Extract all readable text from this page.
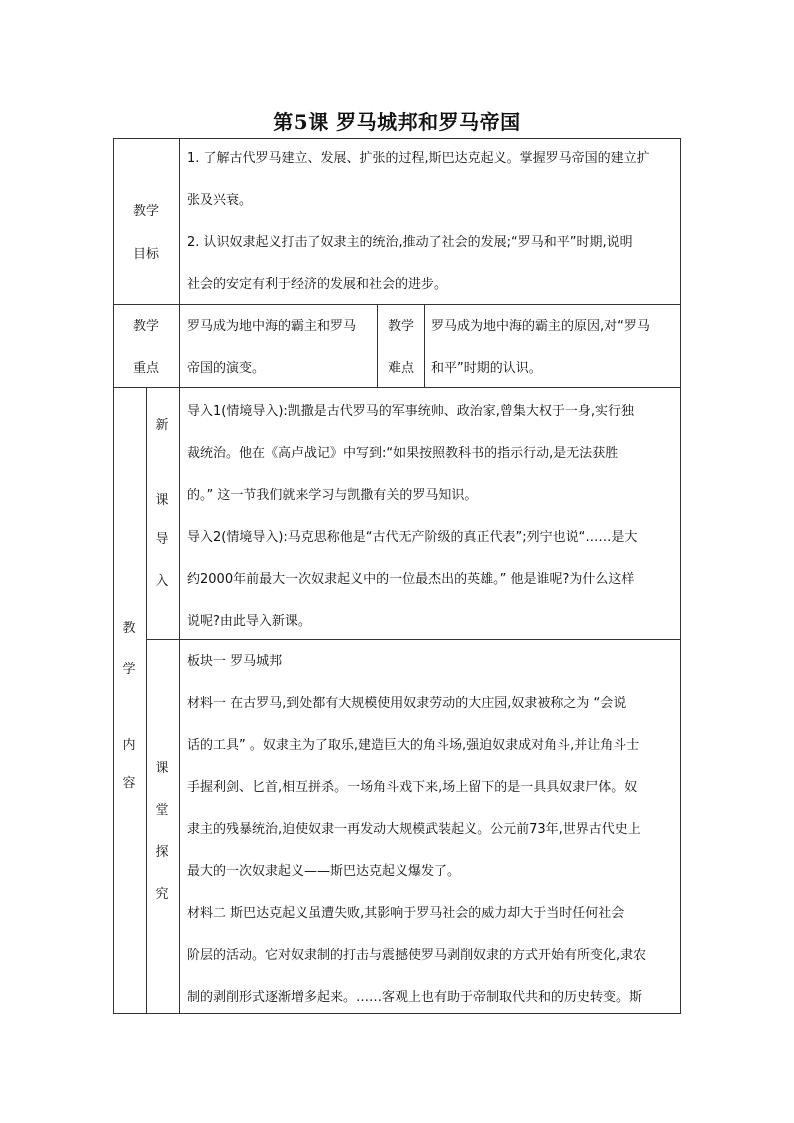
第5课 罗马城邦和罗马帝国
教学
目标
1. 了解古代罗马建立、发展、扩张的过程,斯巴达克起义。掌握罗马帝国的建立扩
张及兴衰。
2. 认识奴隶起义打击了奴隶主的统治,推动了社会的发展;“罗马和平”时期,说明
社会的安定有利于经济的发展和社会的进步。
教学
重点
罗马成为地中海的霸主和罗马
帝国的演变。
教学
难点
罗马成为地中海的霸主的原因,对“罗马
和平”时期的认识。
教
学
内
容
新
课
导
入
导入1(情境导入):凯撒是古代罗马的军事统帅、政治家,曾集大权于一身,实行独
裁统治。他在《高卢战记》中写到:“如果按照教科书的指示行动,是无法获胜
的。” 这一节我们就来学习与凯撒有关的罗马知识。
导入2(情境导入):马克思称他是“古代无产阶级的真正代表”;列宁也说“……是大
约2000年前最大一次奴隶起义中的一位最杰出的英雄。” 他是谁呢?为什么这样
说呢?由此导入新课。
课
堂
探
究
板块一 罗马城邦
材料一 在古罗马,到处都有大规模使用奴隶劳动的大庄园,奴隶被称之为 “会说
话的工具” 。奴隶主为了取乐,建造巨大的角斗场,强迫奴隶成对角斗,并让角斗士
手握利剑、匕首,相互拼杀。一场角斗戏下来,场上留下的是一具具奴隶尸体。奴
隶主的残暴统治,迫使奴隶一再发动大规模武装起义。公元前73年,世界古代史上
最大的一次奴隶起义——斯巴达克起义爆发了。
材料二 斯巴达克起义虽遭失败,其影响于罗马社会的威力却大于当时任何社会
阶层的活动。它对奴隶制的打击与震撼使罗马剥削奴隶的方式开始有所变化,隶农
制的剥削形式逐渐增多起来。……客观上也有助于帝制取代共和的历史转变。斯
